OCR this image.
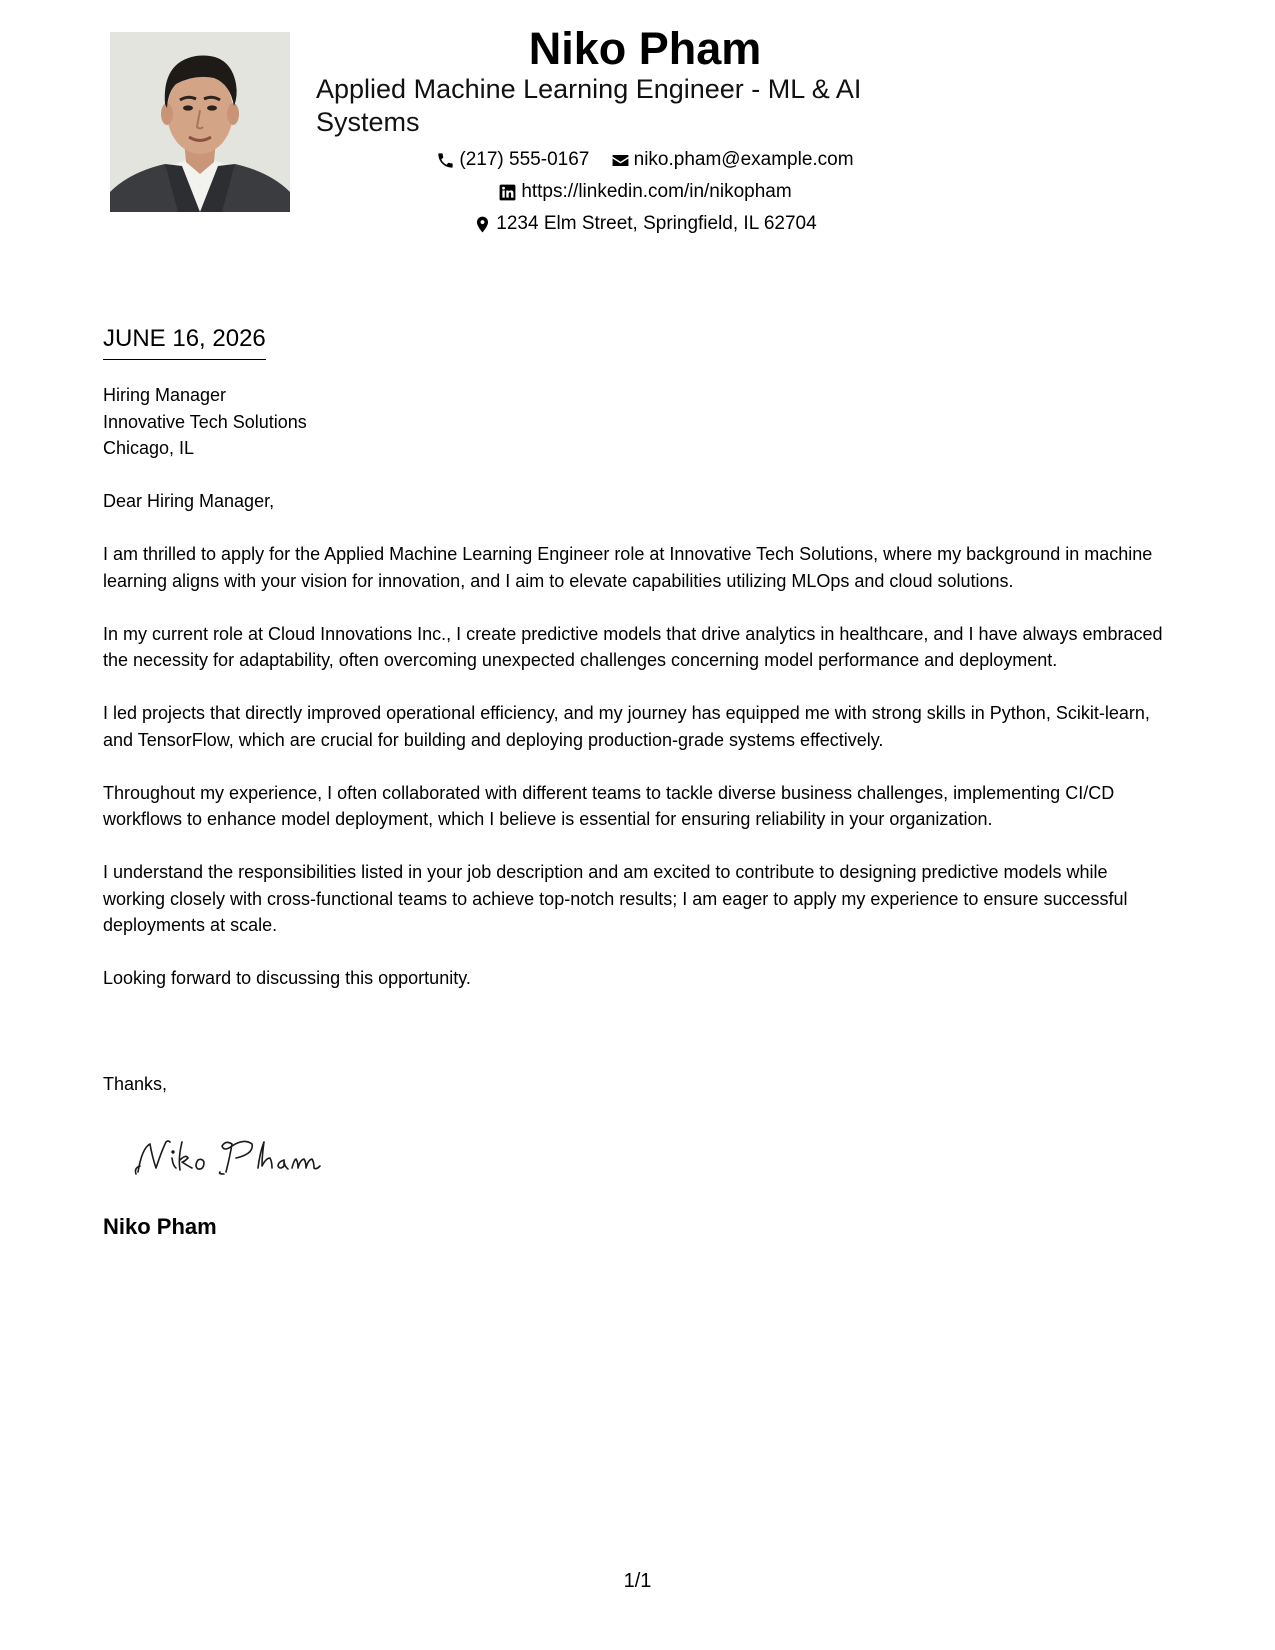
Niko Pham
Applied Machine Learning Engineer - ML & AI Systems
(217) 555-0167
niko.pham@example.com
https://linkedin.com/in/nikopham
1234 Elm Street, Springfield, IL 62704
JUNE 16, 2026
Hiring Manager
Innovative Tech Solutions
Chicago, IL

Dear Hiring Manager,

I am thrilled to apply for the Applied Machine Learning Engineer role at Innovative Tech Solutions, where my background in machine learning aligns with your vision for innovation, and I aim to elevate capabilities utilizing MLOps and cloud solutions.

In my current role at Cloud Innovations Inc., I create predictive models that drive analytics in healthcare, and I have always embraced the necessity for adaptability, often overcoming unexpected challenges concerning model performance and deployment.

I led projects that directly improved operational efficiency, and my journey has equipped me with strong skills in Python, Scikit-learn, and TensorFlow, which are crucial for building and deploying production-grade systems effectively.

Throughout my experience, I often collaborated with different teams to tackle diverse business challenges, implementing CI/CD workflows to enhance model deployment, which I believe is essential for ensuring reliability in your organization.

I understand the responsibilities listed in your job description and am excited to contribute to designing predictive models while working closely with cross-functional teams to achieve top-notch results; I am eager to apply my experience to ensure successful deployments at scale.

Looking forward to discussing this opportunity.

Thanks,
Niko Pham
1/1
